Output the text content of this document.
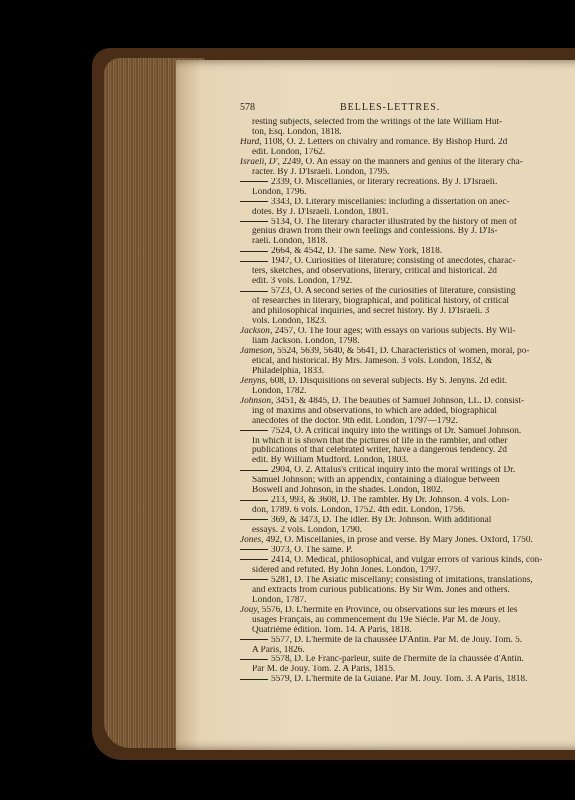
578	BELLES-LETTRES.
resting subjects, selected from the writings of the late William Hut-
ton, Esq. London, 1818.
Hurd, 1108, O. 2. Letters on chivalry and romance. By Bishop Hurd. 2d
edit. London, 1762.
Israeli, D', 2249, O. An essay on the manners and genius of the literary cha-
racter. By J. D'Israeli. London, 1795.
2339, O. Miscellanies, or literary recreations. By J. D'Israeli.
London, 1796.
3343, D. Literary miscellanies: including a dissertation on anec-
dotes. By J. D'Israeli. London, 1801.
5134, O. The literary character illustrated by the history of men of
genius drawn from their own feelings and confessions. By J. D'Is-
raeli. London, 1818.
2664, & 4542, D. The same. New York, 1818.
1947, O. Curiosities of literature; consisting of anecdotes, charac-
ters, sketches, and observations, literary, critical and historical. 2d
edit. 3 vols. London, 1792.
5723, O. A second series of the curiosities of literature, consisting
of researches in literary, biographical, and political history, of critical
and philosophical inquiries, and secret history. By J. D'Israeli. 3
vols. London, 1823.
Jackson, 2457, O. The four ages; with essays on various subjects. By Wil-
liam Jackson. London, 1798.
Jameson, 5524, 5639, 5640, & 5641, D. Characteristics of women, moral, po-
etical, and historical. By Mrs. Jameson. 3 vols. London, 1832, &
Philadelphia, 1833.
Jenyns, 608, D. Disquisitions on several subjects. By S. Jenyns. 2d edit.
London, 1782.
Johnson, 3451, & 4845, D. The beauties of Samuel Johnson, LL. D. consist-
ing of maxims and observations, to which are added, biographical
anecdotes of the doctor. 9th edit. London, 1797—1792.
7524, O. A critical inquiry into the writings of Dr. Samuel Johnson.
In which it is shown that the pictures of life in the rambler, and other
publications of that celebrated writer, have a dangerous tendency. 2d
edit. By William Mudford. London, 1803.
2904, O. 2. Attalus's critical inquiry into the moral writings of Dr.
Samuel Johnson; with an appendix, containing a dialogue between
Boswell and Johnson, in the shades. London, 1802.
213, 993, & 3608, D. The rambler. By Dr. Johnson. 4 vols. Lon-
don, 1789. 6 vols. London, 1752. 4th edit. London, 1756.
369, & 3473, D. The idler. By Dr. Johnson. With additional
essays. 2 vols. London, 1790.
Jones, 492, O. Miscellanies, in prose and verse. By Mary Jones. Oxford, 1750.
3073, O. The same. P.
2414, O. Medical, philosophical, and vulgar errors of various kinds, con-
sidered and refuted. By John Jones. London, 1797.
5281, D. The Asiatic miscellany; consisting of imitations, translations,
and extracts from curious publications. By Sir Wm. Jones and others.
London, 1787.
Jouy, 5576, D. L'hermite en Province, ou observations sur les mœurs et les
usages Français, au commencement du 19e Siècle. Par M. de Jouy.
Quatrième édition. Tom. 14. A Paris, 1818.
5577, D. L'hermite de la chaussée D'Antin. Par M. de Jouy. Tom. 5.
A Paris, 1826.
5578, D. Le Franc-parleur, suite de l'hermite de la chaussée d'Antin.
Par M. de Jouy. Tom. 2. A Paris, 1815.
5579, D. L'hermite de la Guiane. Par M. Jouy. Tom. 3. A Paris, 1818.
